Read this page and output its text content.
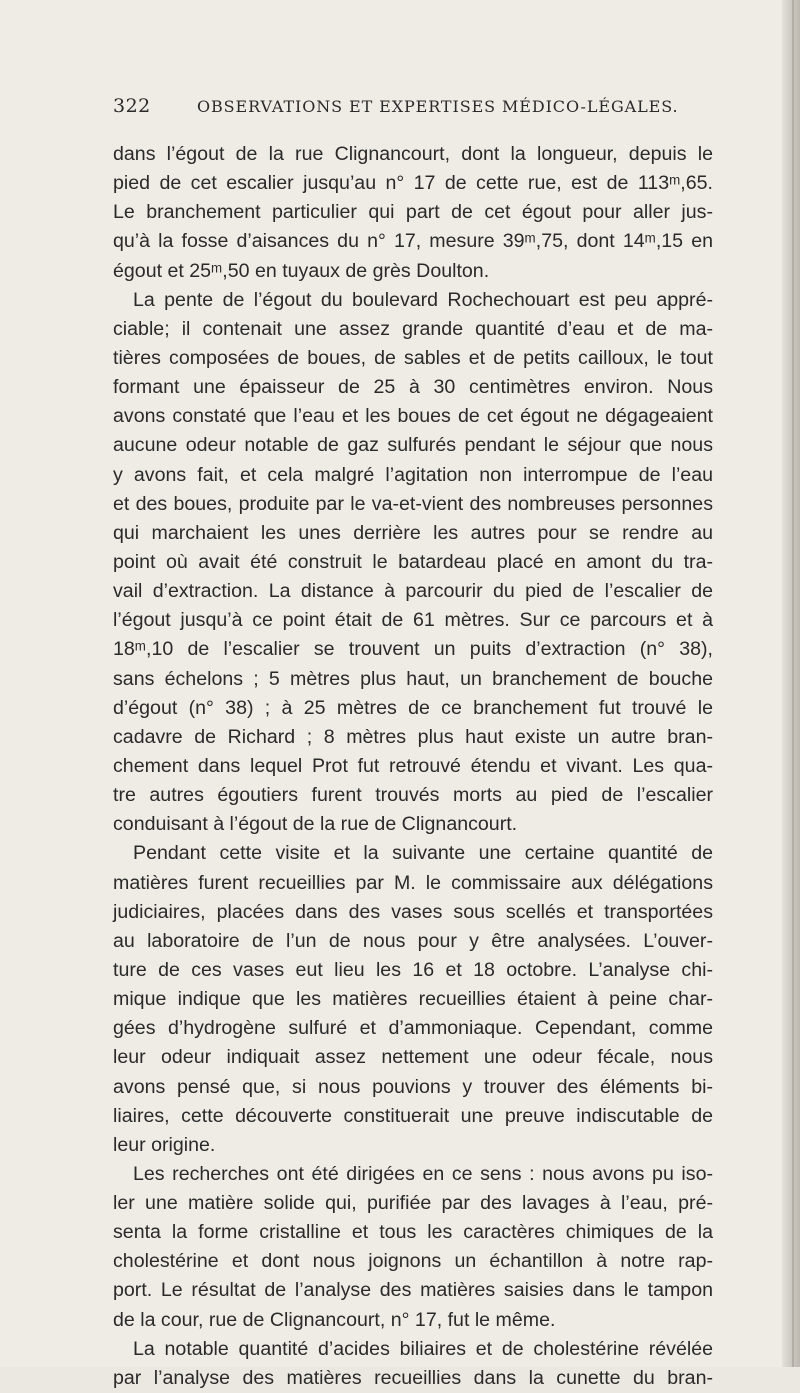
322	OBSERVATIONS ET EXPERTISES MÉDICO-LÉGALES.
dans l’égout de la rue Clignancourt, dont la longueur, depuis le
pied de cet escalier jusqu’au n° 17 de cette rue, est de 113ᵐ,65.
Le branchement particulier qui part de cet égout pour aller jus-
qu’à la fosse d’aisances du n° 17, mesure 39ᵐ,75, dont 14ᵐ,15 en
égout et 25ᵐ,50 en tuyaux de grès Doulton.
La pente de l’égout du boulevard Rochechouart est peu appré-
ciable; il contenait une assez grande quantité d’eau et de ma-
tières composées de boues, de sables et de petits cailloux, le tout
formant une épaisseur de 25 à 30 centimètres environ. Nous
avons constaté que l’eau et les boues de cet égout ne dégageaient
aucune odeur notable de gaz sulfurés pendant le séjour que nous
y avons fait, et cela malgré l’agitation non interrompue de l’eau
et des boues, produite par le va-et-vient des nombreuses personnes
qui marchaient les unes derrière les autres pour se rendre au
point où avait été construit le batardeau placé en amont du tra-
vail d’extraction. La distance à parcourir du pied de l’escalier de
l’égout jusqu’à ce point était de 61 mètres. Sur ce parcours et à
18ᵐ,10 de l’escalier se trouvent un puits d’extraction (n° 38),
sans échelons ; 5 mètres plus haut, un branchement de bouche
d’égout (n° 38) ; à 25 mètres de ce branchement fut trouvé le
cadavre de Richard ; 8 mètres plus haut existe un autre bran-
chement dans lequel Prot fut retrouvé étendu et vivant. Les qua-
tre autres égoutiers furent trouvés morts au pied de l’escalier
conduisant à l’égout de la rue de Clignancourt.
Pendant cette visite et la suivante une certaine quantité de
matières furent recueillies par M. le commissaire aux délégations
judiciaires, placées dans des vases sous scellés et transportées
au laboratoire de l’un de nous pour y être analysées. L’ouver-
ture de ces vases eut lieu les 16 et 18 octobre. L’analyse chi-
mique indique que les matières recueillies étaient à peine char-
gées d’hydrogène sulfuré et d’ammoniaque. Cependant, comme
leur odeur indiquait assez nettement une odeur fécale, nous
avons pensé que, si nous pouvions y trouver des éléments bi-
liaires, cette découverte constituerait une preuve indiscutable de
leur origine.
Les recherches ont été dirigées en ce sens : nous avons pu iso-
ler une matière solide qui, purifiée par des lavages à l’eau, pré-
senta la forme cristalline et tous les caractères chimiques de la
cholestérine et dont nous joignons un échantillon à notre rap-
port. Le résultat de l’analyse des matières saisies dans le tampon
de la cour, rue de Clignancourt, n° 17, fut le même.
La notable quantité d’acides biliaires et de cholestérine révélée
par l’analyse des matières recueillies dans la cunette du bran-
